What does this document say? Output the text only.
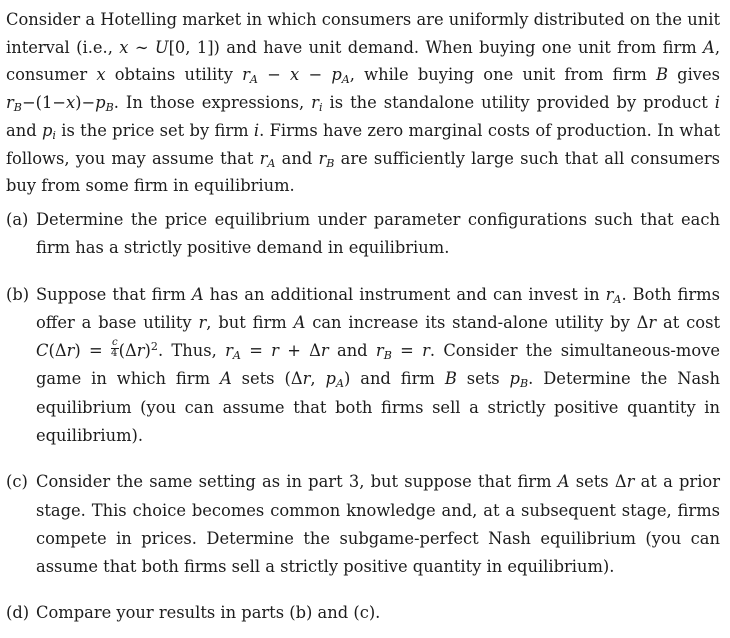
Consider a Hotelling market in which consumers are uniformly distributed on the unit interval (i.e., x ∼ U[0, 1]) and have unit demand. When buying one unit from firm A, consumer x obtains utility $r_A - x - p_A$, while buying one unit from firm B gives $r_B-(1-x)-p_B$. In those expressions, $r_i$ is the standalone utility provided by product i and $p_i$ is the price set by firm i. Firms have zero marginal costs of production. In what follows, you may assume that $r_A$ and $r_B$ are sufficiently large such that all consumers buy from some firm in equilibrium.

(a) Determine the price equilibrium under parameter configurations such that each firm has a strictly positive demand in equilibrium.
(b) Suppose that firm A has an additional instrument and can invest in $r_A$. Both firms offer a base utility r, but firm A can increase its stand-alone utility by Δr at cost $C(\Delta r) = \frac{c}{4} (\Delta r)^2$. Thus, $r_A = r + \Delta r$ and $r_B = r$. Consider the simultaneous-move game in which firm A sets (Δr, $p_A$) and firm B sets $p_B$. Determine the Nash equilibrium (you can assume that both firms sell a strictly positive quantity in equilibrium).
(c) Consider the same setting as in part 3, but suppose that firm A sets Δr at a prior stage. This choice becomes common knowledge and, at a subsequent stage, firms compete in prices. Determine the subgame-perfect Nash equilibrium (you can assume that both firms sell a strictly positive quantity in equilibrium).
(d) Compare your results in parts (b) and (c).
